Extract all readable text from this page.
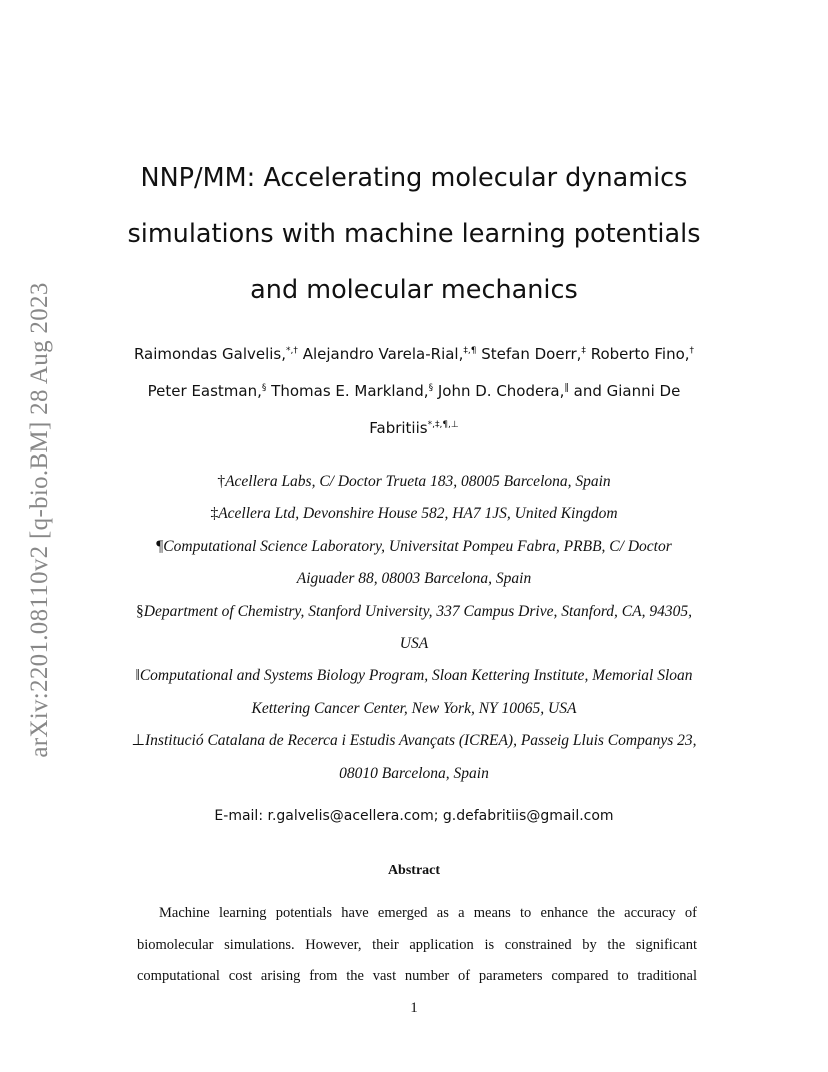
arXiv:2201.08110v2 [q-bio.BM] 28 Aug 2023
NNP/MM: Accelerating molecular dynamics
simulations with machine learning potentials
and molecular mechanics
Raimondas Galvelis,*,† Alejandro Varela-Rial,‡,¶ Stefan Doerr,‡ Roberto Fino,†
Peter Eastman,§ Thomas E. Markland,§ John D. Chodera,‖ and Gianni De
Fabritiis*,‡,¶,⊥
†Acellera Labs, C/ Doctor Trueta 183, 08005 Barcelona, Spain
‡Acellera Ltd, Devonshire House 582, HA7 1JS, United Kingdom
¶Computational Science Laboratory, Universitat Pompeu Fabra, PRBB, C/ Doctor
Aiguader 88, 08003 Barcelona, Spain
§Department of Chemistry, Stanford University, 337 Campus Drive, Stanford, CA, 94305,
USA
‖Computational and Systems Biology Program, Sloan Kettering Institute, Memorial Sloan
Kettering Cancer Center, New York, NY 10065, USA
⊥Institució Catalana de Recerca i Estudis Avançats (ICREA), Passeig Lluis Companys 23,
08010 Barcelona, Spain
E-mail: r.galvelis@acellera.com; g.defabritiis@gmail.com
Abstract
Machine learning potentials have emerged as a means to enhance the accuracy of
biomolecular simulations. However, their application is constrained by the significant
computational cost arising from the vast number of parameters compared to traditional
1
